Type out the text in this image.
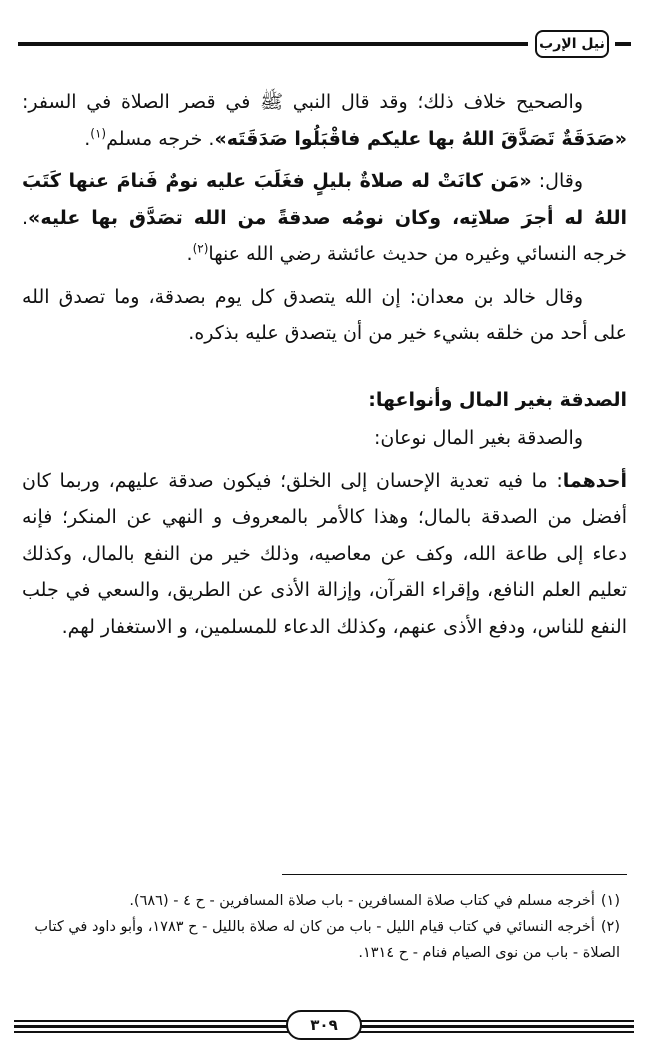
نيل الإرب

والصحيح خلاف ذلك؛ وقد قال النبي ﷺ في قصر الصلاة في السفر: «صَدَقَةٌ تَصَدَّقَ اللهُ بها عليكم فاقْبَلُوا صَدَقَتَه». خرجه مسلم$^{(١)}$.

وقال: «مَن كانَتْ له صلاةٌ بليلٍ فغَلَبَ عليه نومٌ فَنامَ عنها كَتَبَ اللهُ له أجرَ صلاتِه، وكان نومُه صدقةً من الله تصَدَّق بها عليه». خرجه النسائي وغيره من حديث عائشة رضي الله عنها$^{(٢)}$.

وقال خالد بن معدان: إن الله يتصدق كل يوم بصدقة، وما تصدق الله على أحد من خلقه بشيء خير من أن يتصدق عليه بذكره.

الصدقة بغير المال وأنواعها:

والصدقة بغير المال نوعان:

أحدهما: ما فيه تعدية الإحسان إلى الخلق؛ فيكون صدقة عليهم، وربما كان أفضل من الصدقة بالمال؛ وهذا كالأمر بالمعروف و النهي عن المنكر؛ فإنه دعاء إلى طاعة الله، وكف عن معاصيه، وذلك خير من النفع بالمال، وكذلك تعليم العلم النافع، وإقراء القرآن، وإزالة الأذى عن الطريق، والسعي في جلب النفع للناس، ودفع الأذى عنهم، وكذلك الدعاء للمسلمين، و الاستغفار لهم.

(١)أخرجه مسلم في كتاب صلاة المسافرين - باب صلاة المسافرين - ح ٤ - (٦٨٦).

(٢)أخرجه النسائي في كتاب قيام الليل - باب من كان له صلاة بالليل - ح ١٧٨٣، وأبو داود في كتاب الصلاة - باب من نوى الصيام فنام - ح ١٣١٤.

٣٠٩
